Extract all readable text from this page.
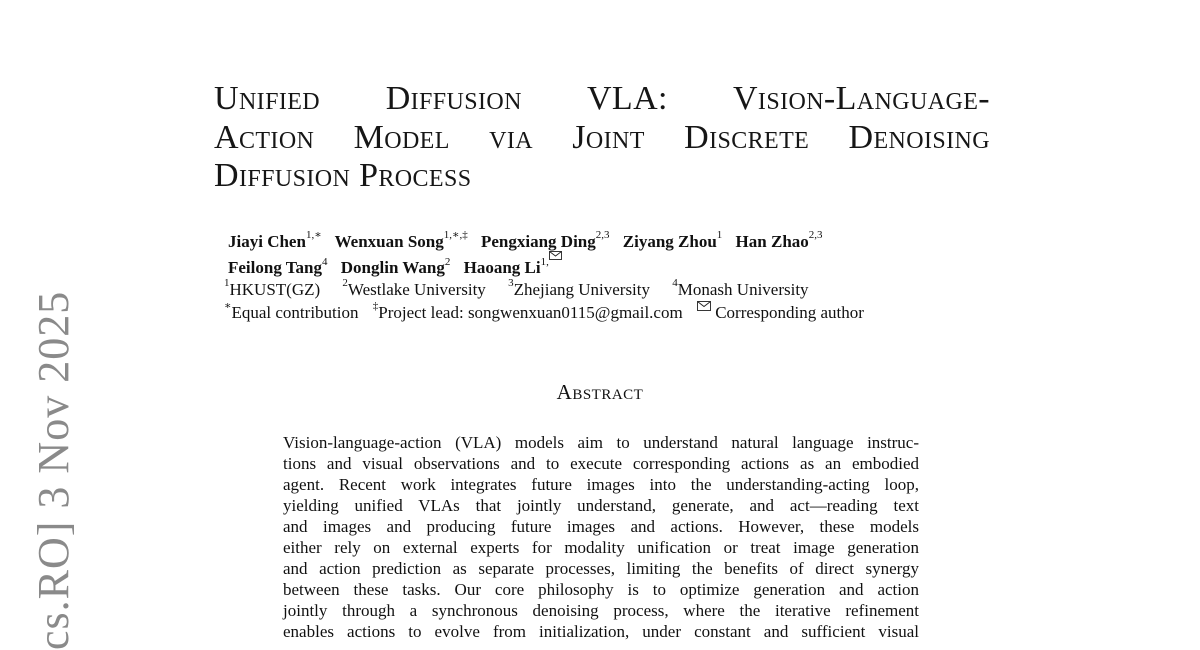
cs.RO] 3 Nov 2025
Unified Diffusion VLA: Vision-Language-
Action Model via Joint Discrete Denoising
Diffusion Process
Jiayi Chen$^{1,∗}$ Wenxuan Song$^{1,∗,\ddagger}$ Pengxiang Ding$^{2,3}$ Ziyang Zhou$^1$ Han Zhao$^{2,3}$
Feilong Tang$^4$ Donglin Wang$^2$ Haoang $Li^{1,}$
$^1$HKUST(GZ) $^2$Westlake University $^3$Zhejiang University $^4$Monash University
∗Equal contribution ‡Project lead: songwenxuan0115@gmail.com Corresponding author
Abstract
Vision-language-action (VLA) models aim to understand natural language instruc-
tions and visual observations and to execute corresponding actions as an embodied
agent. Recent work integrates future images into the understanding-acting loop,
yielding unified VLAs that jointly understand, generate, and act—reading text
and images and producing future images and actions. However, these models
either rely on external experts for modality unification or treat image generation
and action prediction as separate processes, limiting the benefits of direct synergy
between these tasks. Our core philosophy is to optimize generation and action
jointly through a synchronous denoising process, where the iterative refinement
enables actions to evolve from initialization, under constant and sufficient visual
